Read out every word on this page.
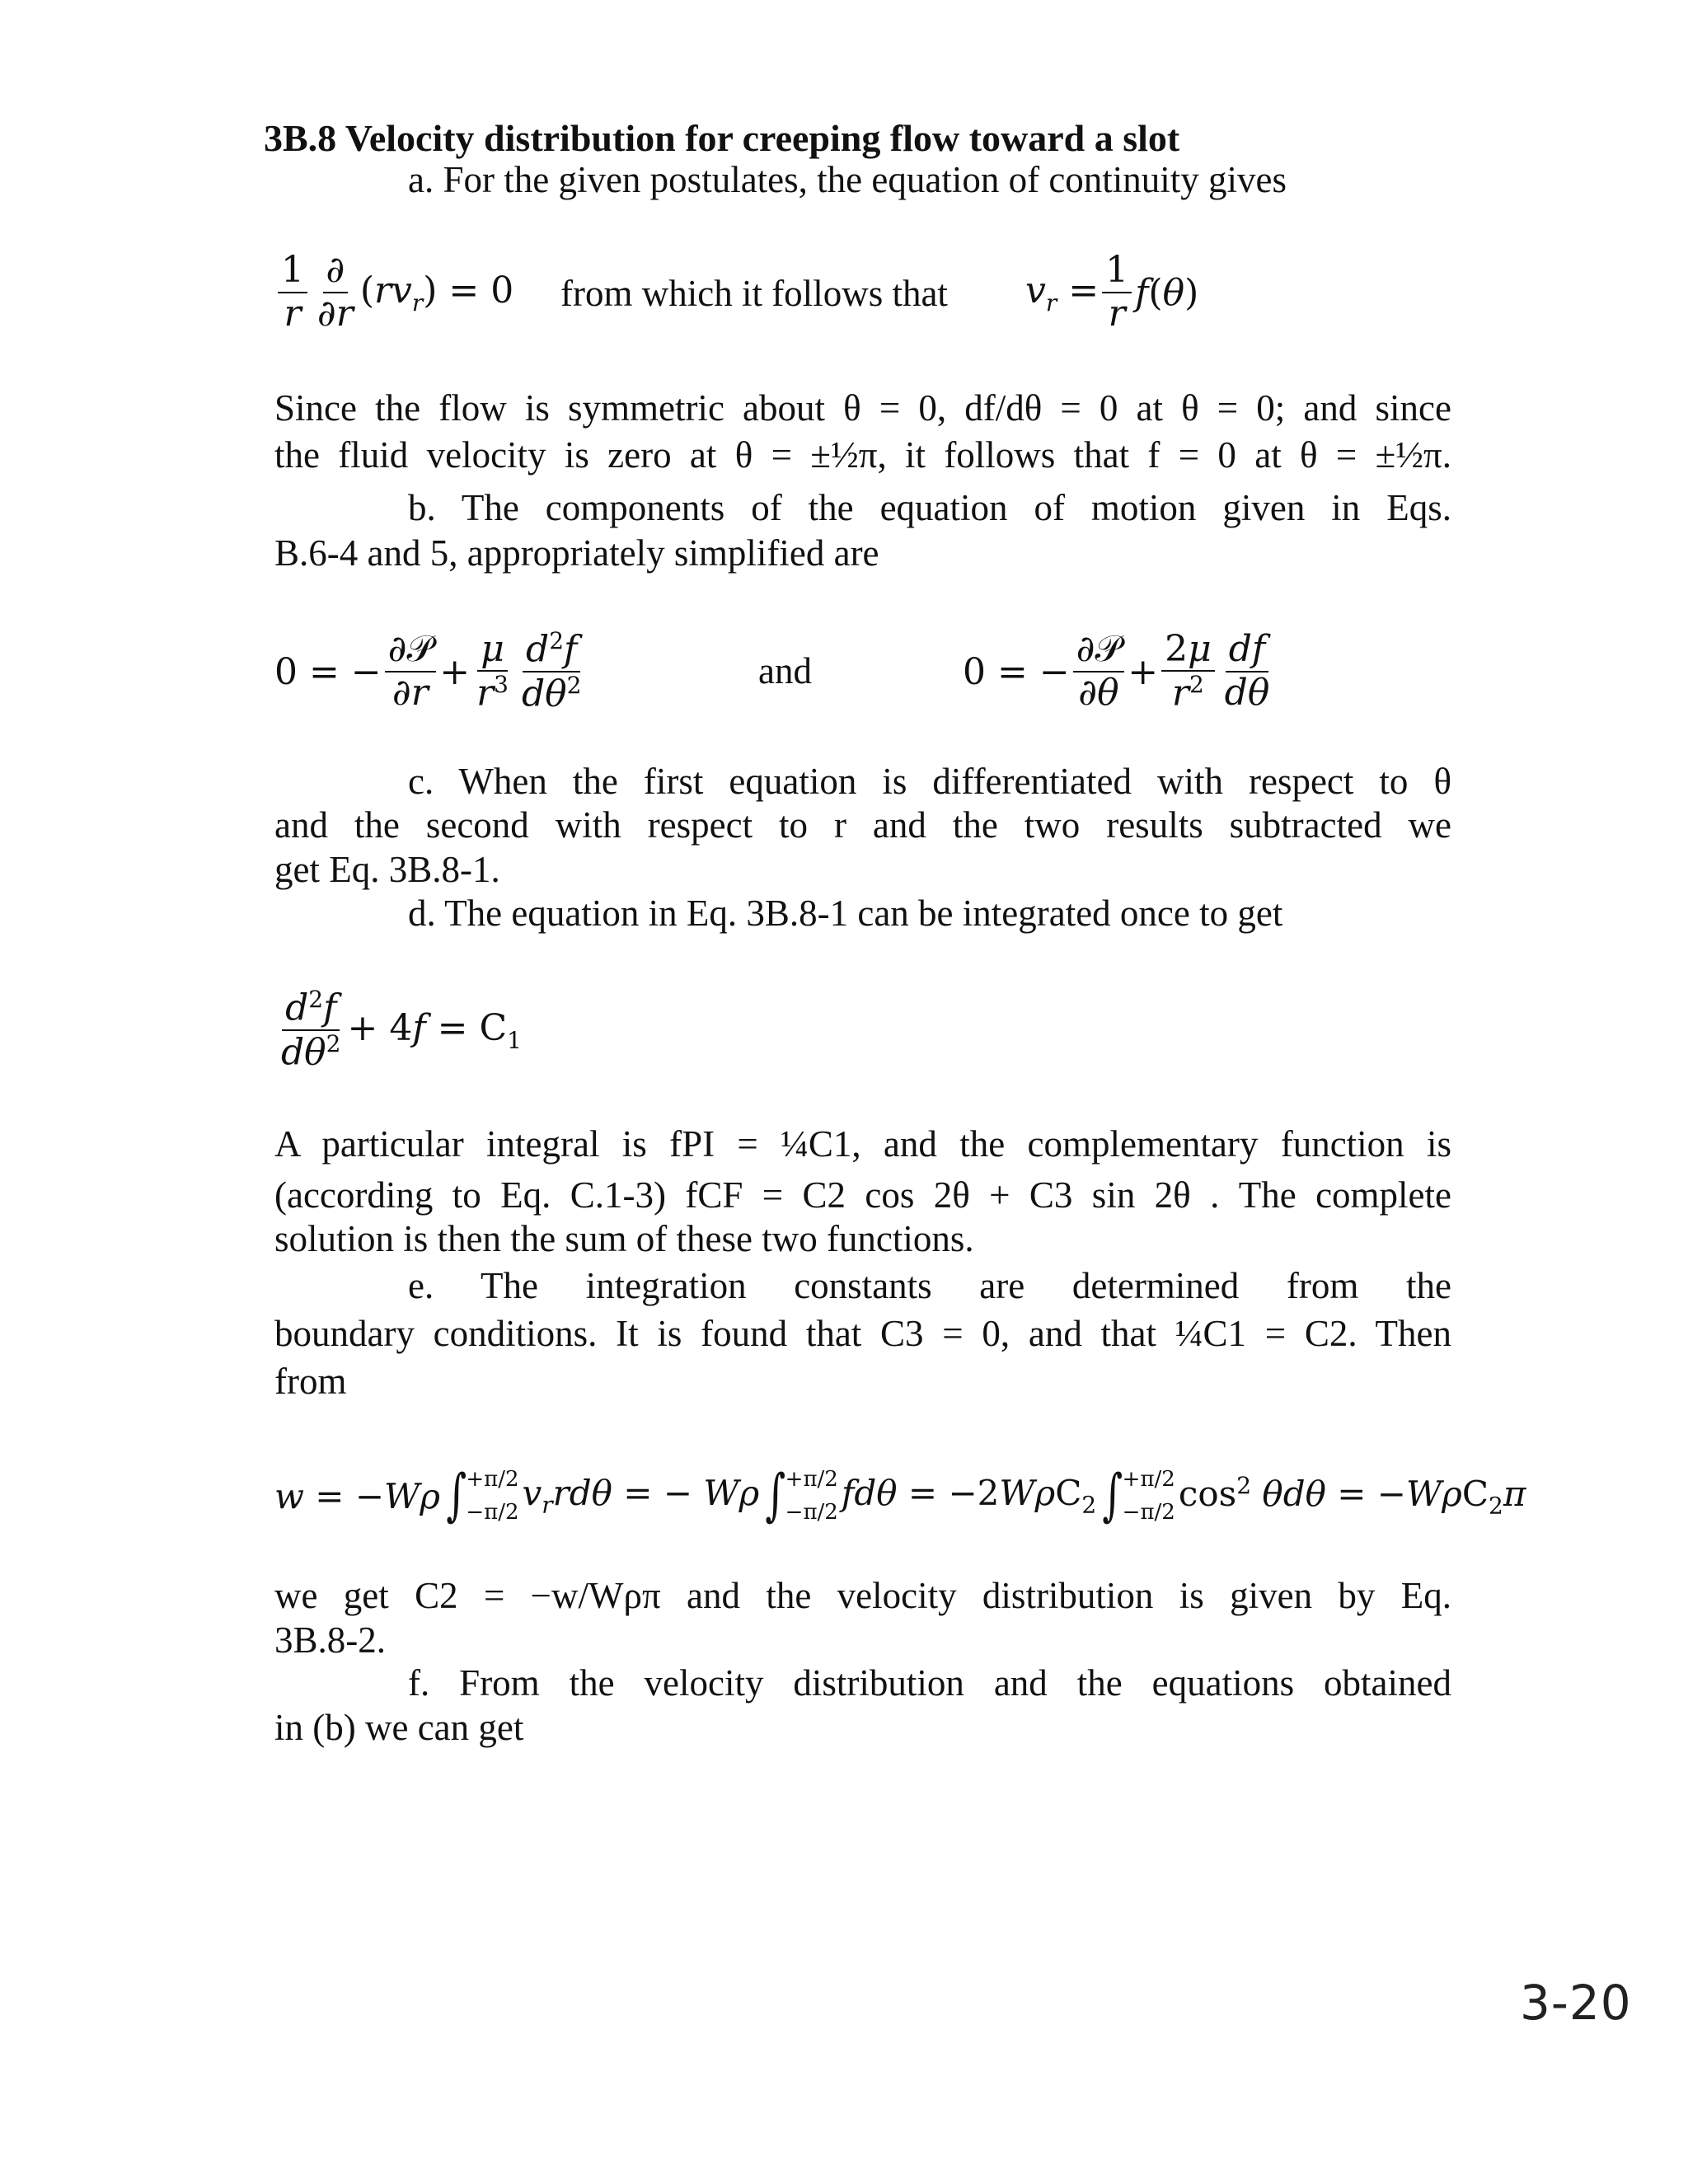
3B.8 Velocity distribution for creeping flow toward a slot
a. For the given postulates, the equation of continuity gives
$\frac{1}{r} \frac{\partial}{\partial r} (rv_r) = 0$ from which it follows that $v_r = \frac{1}{r} f(\theta)$
Since the flow is symmetric about θ = 0, df/dθ = 0 at θ = 0; and since
the fluid velocity is zero at θ = ±½π, it follows that f = 0 at θ = ±½π.
b. The components of the equation of motion given in Eqs.
B.6-4 and 5, appropriately simplified are
0 = − $\frac{\text{∂𝒫}}{\partial r} + \frac{\mu}{r^3} \frac{d^2f}{d\theta^2}$	and	0 = − $\frac{\text{∂𝒫}}{\partial\theta} + \frac{2\mu}{r^2} \frac{df}{d\theta}$
c. When the first equation is differentiated with respect to θ
and the second with respect to r and the two results subtracted we
get Eq. 3B.8-1.
d. The equation in Eq. 3B.8-1 can be integrated once to get
$\frac{d^2f}{d\theta^2} + 4f = C_1$
A particular integral is fPI = ¼C1, and the complementary function is
(according to Eq. C.1-3) fCF = C2 cos 2θ + C3 sin 2θ . The complete
solution is then the sum of these two functions.
e. The integration constants are determined from the
boundary conditions. It is found that C3 = 0, and that ¼C1 = C2. Then
from
w = −Wρ ∫ +π/2
−π/2 $v_rrd\theta$ = − Wρ ∫ +π/2
−π/2 fdθ = −2WρC$_2$ ∫ +π/2
−π/2 $\cos^2 \theta d\theta = -W\rho C_2\pi$
we get C2 = −w/Wρπ and the velocity distribution is given by Eq.
3B.8-2.
f. From the velocity distribution and the equations obtained
in (b) we can get
3-20
